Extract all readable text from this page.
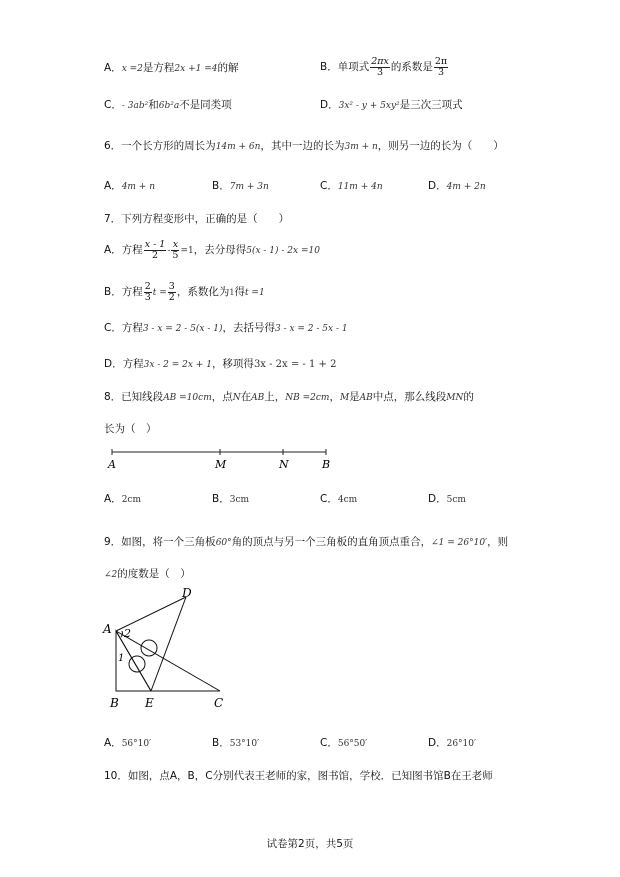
A．x =2是方程2x +1 =4的解	B．单项式 $\frac{2\pi x}{3}$ 的系数是 $\frac{2\pi}{3}$
C．- 3ab²和6b²a不是同类项	D．3x² - y + 5xy²是三次三项式
6．一个长方形的周长为14m + 6n，其中一边的长为3m + n，则另一边的长为（　　）
A．4m + n	B．7m + 3n	C．11m + 4n	D．4m + 2n
7．下列方程变形中，正确的是（　　）
A．方程 $\frac{x - 1}{2} - \frac{x}{5} =1$，去分母得5(x - 1) - 2x =10
B．方程 $\frac{2}{3}$ $t = \frac{3}{2}$ ，系数化为1得t =1
C．方程3 - x = 2 - 5(x - 1)，去括号得3 - x = 2 - 5x - 1
D．方程3x - 2 = 2x + 1，移项得3x - 2x = - 1 + 2
8．已知线段AB =10cm，点N在AB上，NB =2cm，M是AB中点，那么线段MN的
长为（　）
A	M	N	B
A．2cm	B．3cm	C．4cm	D．5cm
9．如图，将一个三角板60°角的顶点与另一个三角板的直角顶点重合，∠1 = 26°10′，则
∠2的度数是（　）
A 2
1
D
B E	C
A．56°10′	B．53°10′	C．56°50′	D．26°10′
10．如图，点A，B，C分别代表王老师的家，图书馆，学校．已知图书馆B在王老师
试卷第2页，共5页
